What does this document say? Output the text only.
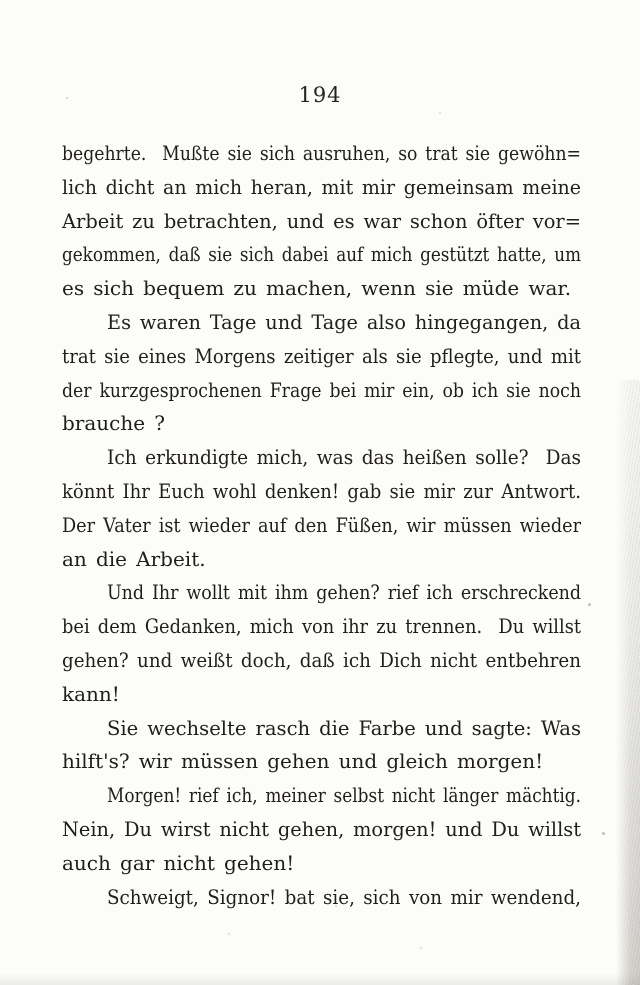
194
begehrte.  Mußte sie sich ausruhen, so trat sie gewöhn=
lich dicht an mich heran, mit mir gemeinsam meine
Arbeit zu betrachten, und es war schon öfter vor=
gekommen, daß sie sich dabei auf mich gestützt hatte, um
es sich bequem zu machen, wenn sie müde war.
Es waren Tage und Tage also hingegangen, da
trat sie eines Morgens zeitiger als sie pflegte, und mit
der kurzgesprochenen Frage bei mir ein, ob ich sie noch
brauche ?
Ich erkundigte mich, was das heißen solle?  Das
könnt Ihr Euch wohl denken! gab sie mir zur Antwort.
Der Vater ist wieder auf den Füßen, wir müssen wieder
an die Arbeit.
Und Ihr wollt mit ihm gehen? rief ich erschreckend
bei dem Gedanken, mich von ihr zu trennen.  Du willst
gehen? und weißt doch, daß ich Dich nicht entbehren
kann!
Sie wechselte rasch die Farbe und sagte: Was
hilft's? wir müssen gehen und gleich morgen!
Morgen! rief ich, meiner selbst nicht länger mächtig.
Nein, Du wirst nicht gehen, morgen! und Du willst
auch gar nicht gehen!
Schweigt, Signor! bat sie, sich von mir wendend,
